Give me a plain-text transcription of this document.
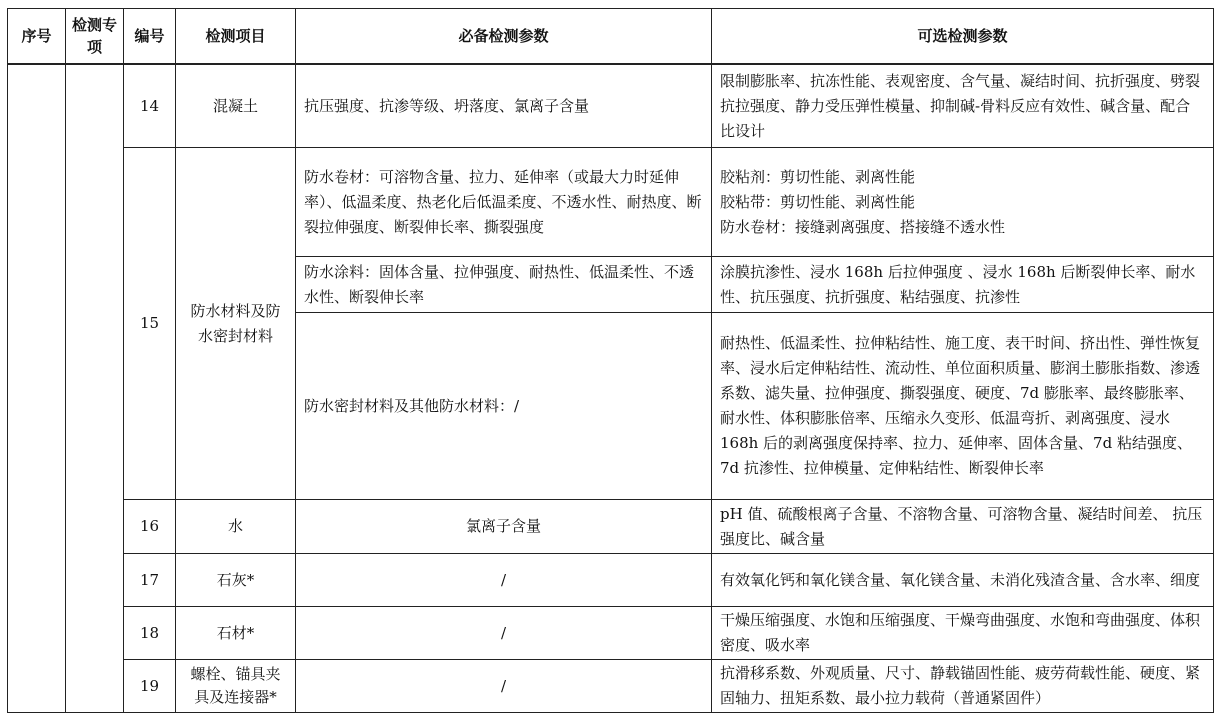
序号	检测专项	编号	检测项目	必备检测参数	可选检测参数
		14	混凝土	抗压强度、抗渗等级、坍落度、氯离子含量	限制膨胀率、抗冻性能、表观密度、含气量、凝结时间、抗折强度、劈裂抗拉强度、静力受压弹性模量、抑制碱-骨料反应有效性、碱含量、配合比设计
		15	防水材料及防水密封材料	防水卷材：可溶物含量、拉力、延伸率（或最大力时延伸率）、低温柔度、热老化后低温柔度、不透水性、耐热度、断裂拉伸强度、断裂伸长率、撕裂强度	胶粘剂：剪切性能、剥离性能
胶粘带：剪切性能、剥离性能
防水卷材：接缝剥离强度、搭接缝不透水性

				防水涂料：固体含量、拉伸强度、耐热性、低温柔性、不透水性、断裂伸长率	涂膜抗渗性、浸水 168h 后拉伸强度 、浸水 168h 后断裂伸长率、耐水性、抗压强度、抗折强度、粘结强度、抗渗性
				防水密封材料及其他防水材料：/	耐热性、低温柔性、拉伸粘结性、施工度、表干时间、挤出性、弹性恢复率、浸水后定伸粘结性、流动性、单位面积质量、膨润土膨胀指数、渗透系数、滤失量、拉伸强度、撕裂强度、硬度、7d 膨胀率、最终膨胀率、耐水性、体积膨胀倍率、压缩永久变形、低温弯折、剥离强度、浸水 168h 后的剥离强度保持率、拉力、延伸率、固体含量、7d 粘结强度、7d 抗渗性、拉伸模量、定伸粘结性、断裂伸长率
		16	水	氯离子含量	pH 值、硫酸根离子含量、不溶物含量、可溶物含量、凝结时间差、 抗压强度比、碱含量
		17	石灰*	/	有效氧化钙和氧化镁含量、氧化镁含量、未消化残渣含量、含水率、细度
		18	石材*	/	干燥压缩强度、水饱和压缩强度、干燥弯曲强度、水饱和弯曲强度、体积密度、吸水率
		19	螺栓、锚具夹具及连接器*	/	抗滑移系数、外观质量、尺寸、静载锚固性能、疲劳荷载性能、硬度、紧固轴力、扭矩系数、最小拉力载荷（普通紧固件）
